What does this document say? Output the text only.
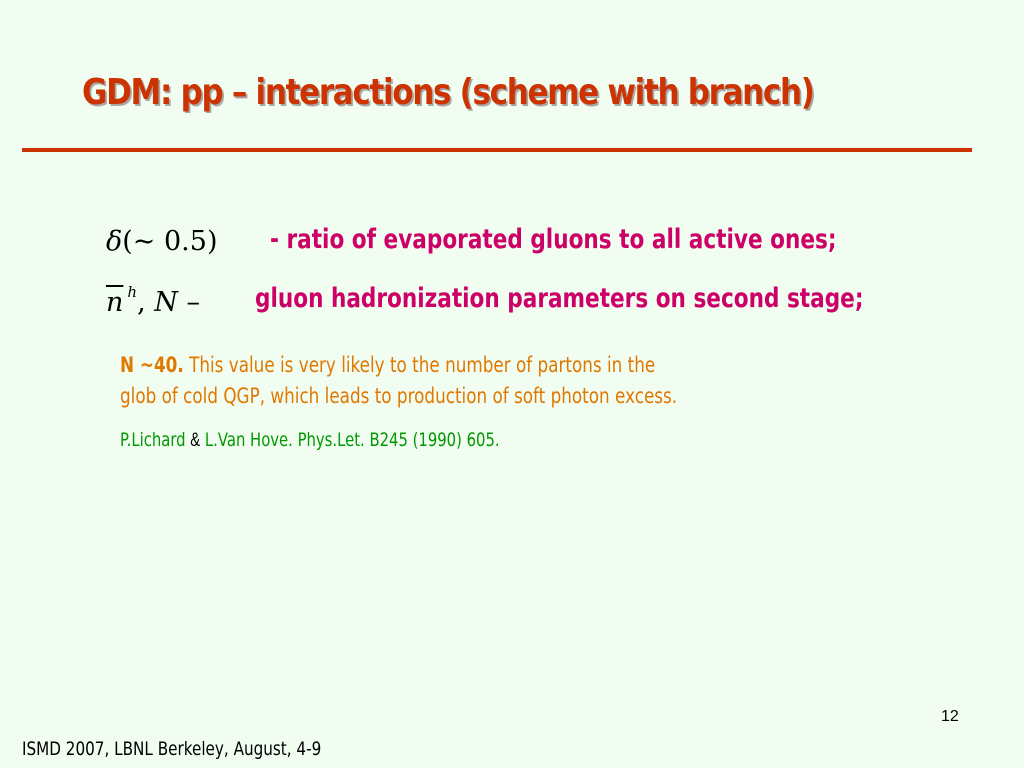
GDM: pp – interactions (scheme with branch)
δ(~ 0.5) - ratio of evaporated gluons to all active ones;
$\overline{n}$ $^h$, N – gluon hadronization parameters on second stage;
N ~40. This value is very likely to the number of partons in the
glob of cold QGP, which leads to production of soft photon excess.
P.Lichard & L.Van Hove. Phys.Let. B245 (1990) 605.
12
ISMD 2007, LBNL Berkeley, August, 4-9
